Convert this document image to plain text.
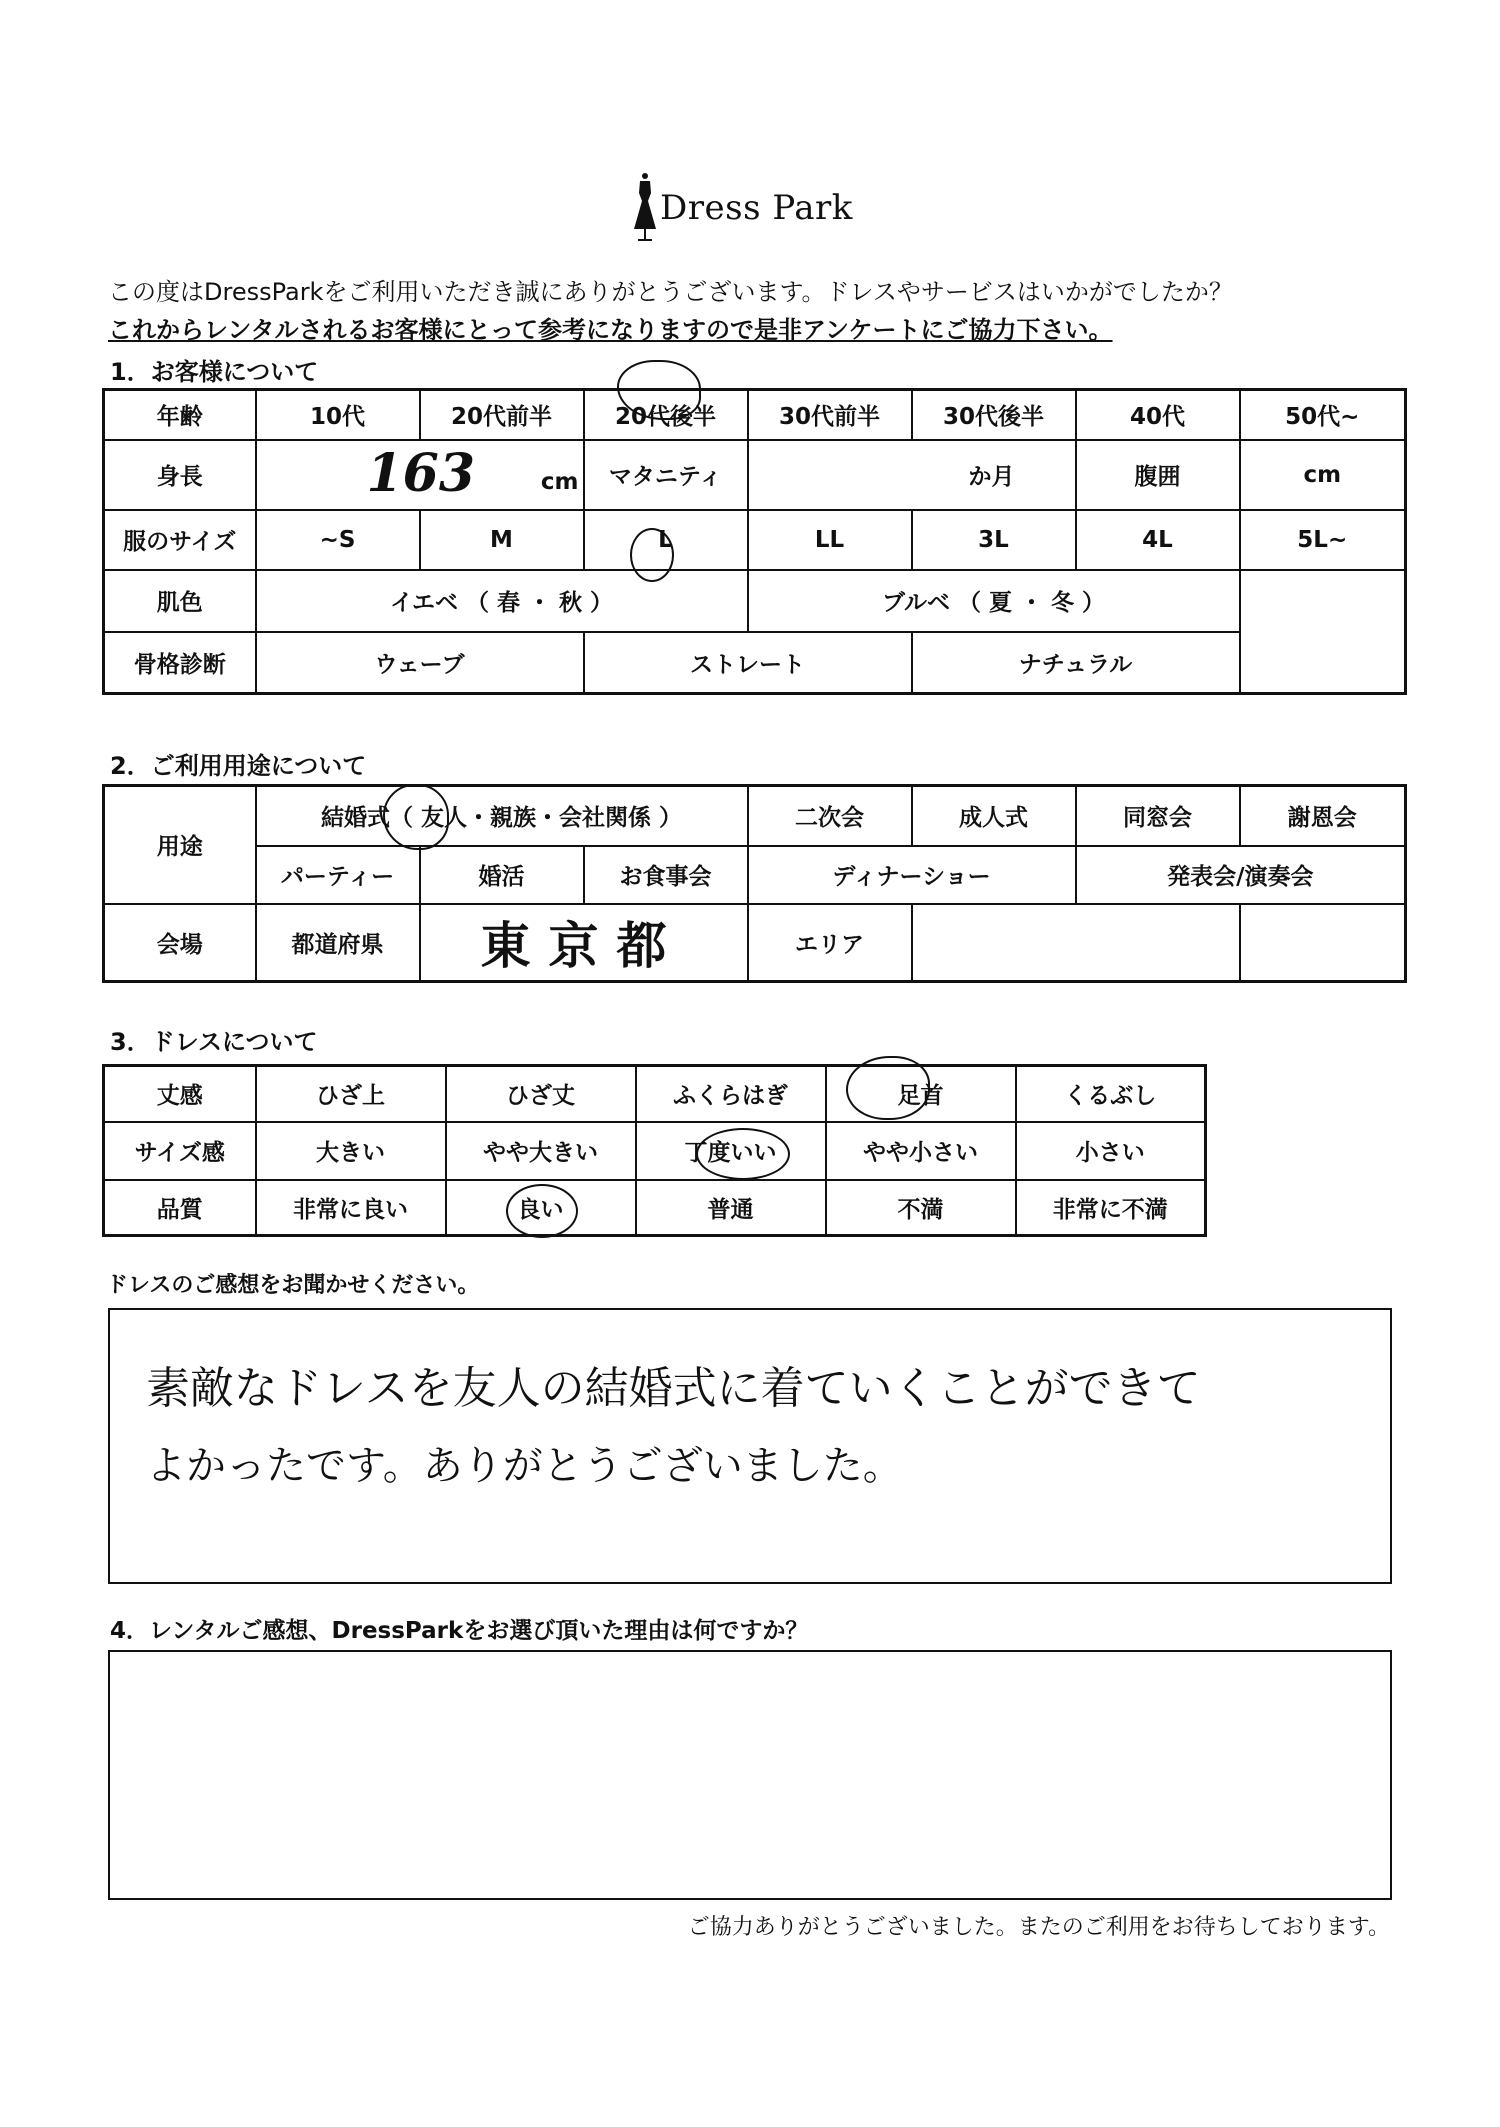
Dress Park
この度はDressParkをご利用いただき誠にありがとうございます。ドレスやサービスはいかがでしたか？
これからレンタルされるお客様にとって参考になりますので是非アンケートにご協力下さい。
1．お客様について
年齢	10代	20代前半	20代後半	30代前半	30代後半	40代	50代~
身長	163 cm		マタニティ	か月		腹囲	cm
服のサイズ	~S	M	L	LL	3L	4L	5L~
肌色	イエベ （ 春 ・ 秋 ）			ブルベ （ 夏 ・ 冬 ）			
骨格診断	ウェーブ		ストレート		ナチュラル		
2．ご利用用途について
用途	結婚式（ 友人・親族・会社関係 ）			二次会	成人式	同窓会	謝恩会
	パーティー	婚活	お食事会	ディナーショー		発表会/演奏会	
会場	都道府県	東京都		エリア			
3．ドレスについて
丈感	ひざ上	ひざ丈	ふくらはぎ	足首	くるぶし
サイズ感	大きい	やや大きい	丁度いい	やや小さい	小さい
品質	非常に良い	良い	普通	不満	非常に不満
ドレスのご感想をお聞かせください。
素敵なドレスを友人の結婚式に着ていくことができて
よかったです。ありがとうございました。
4．レンタルご感想、DressParkをお選び頂いた理由は何ですか？
ご協力ありがとうございました。またのご利用をお待ちしております。
